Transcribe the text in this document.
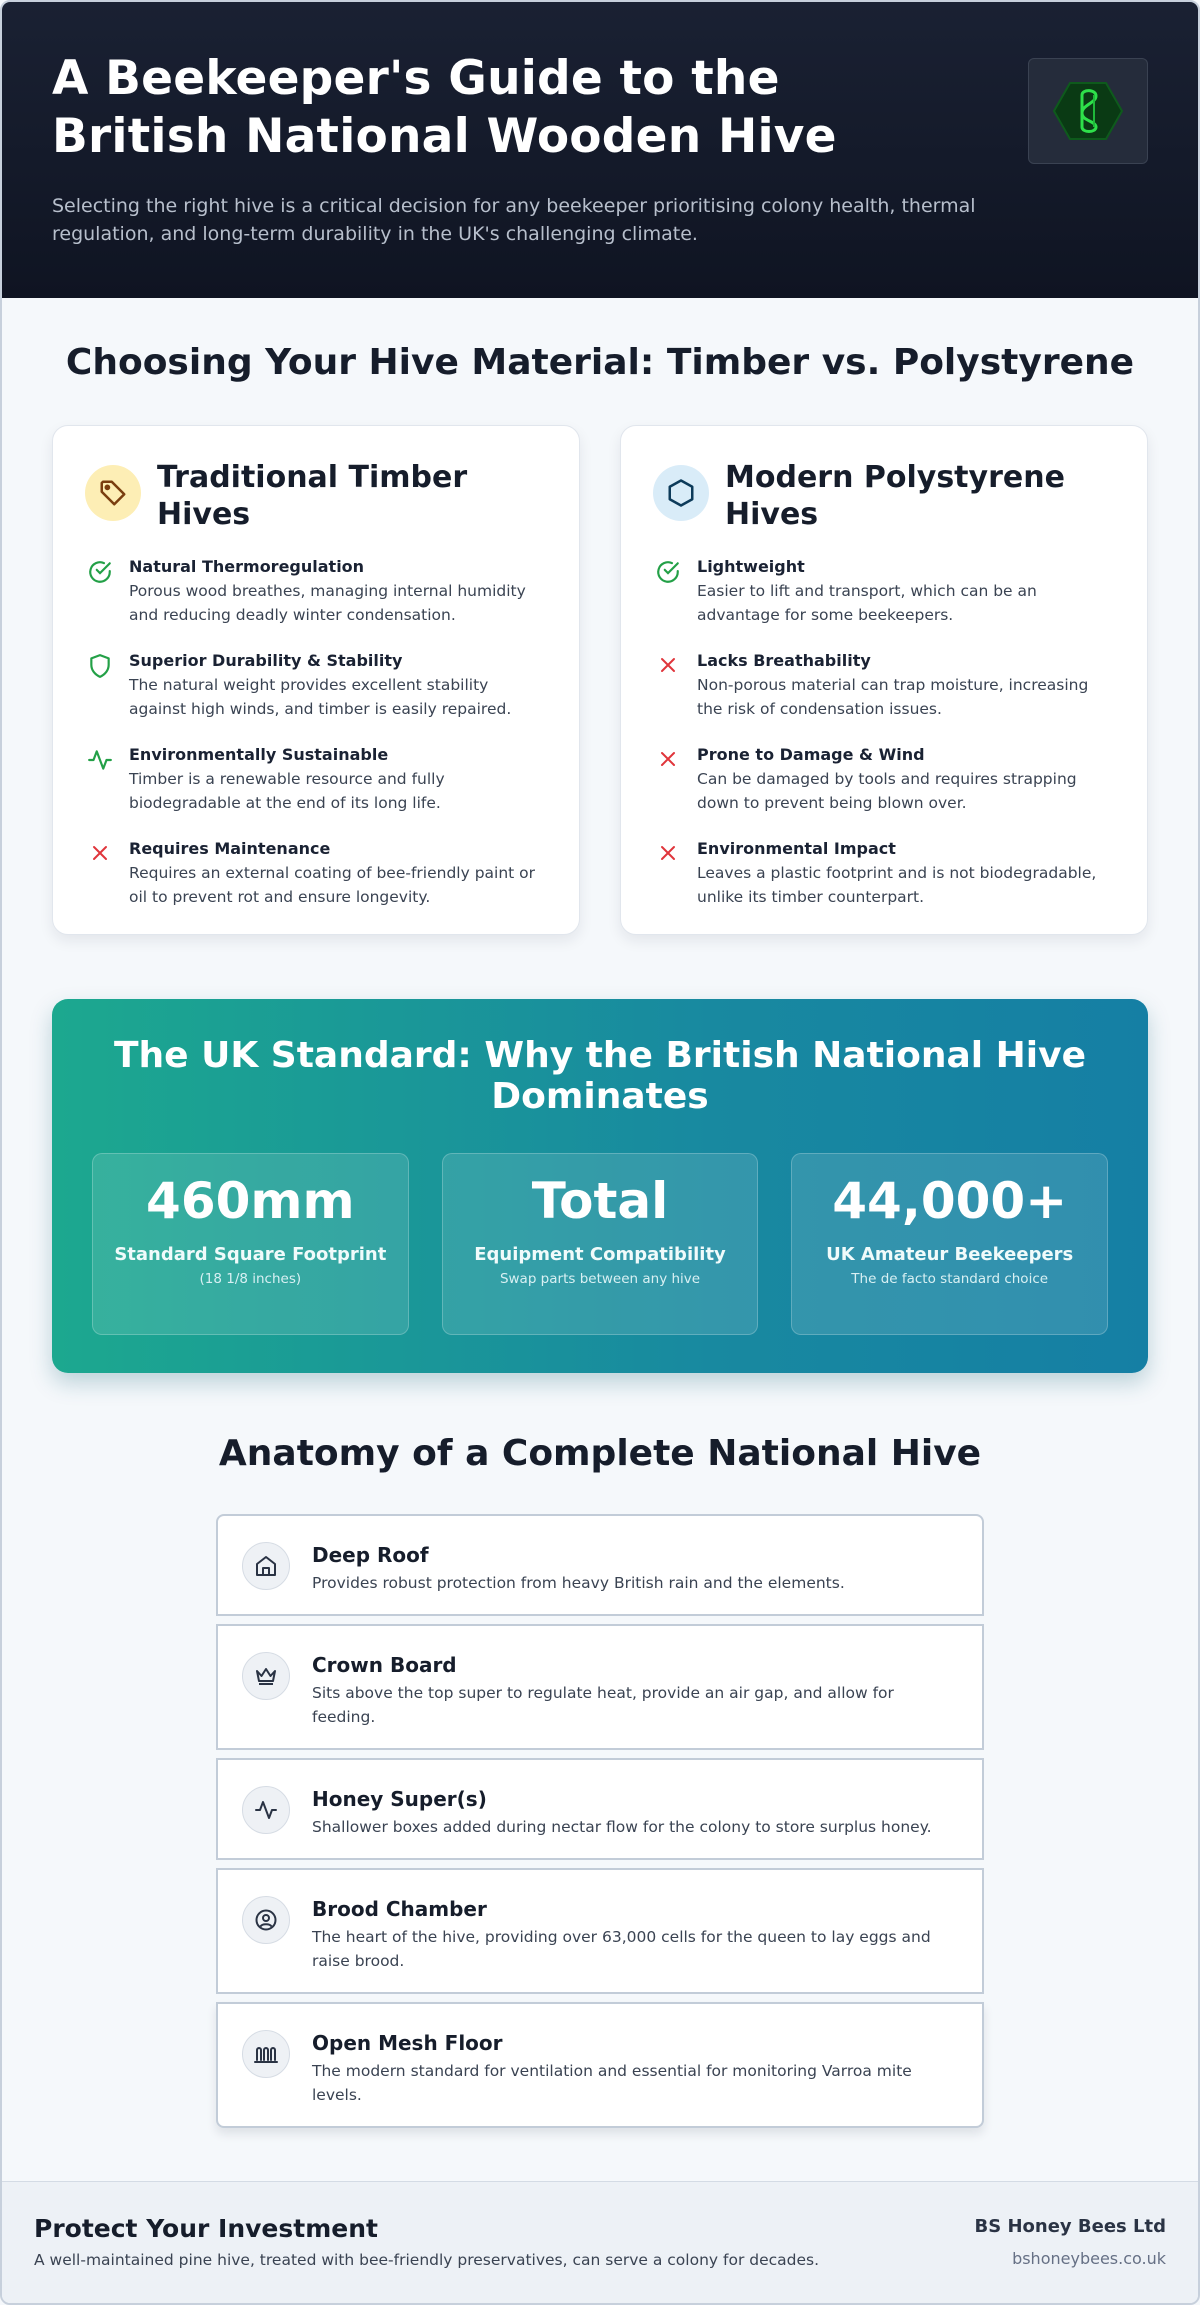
A Beekeeper's Guide to the British National Wooden Hive

Selecting the right hive is a critical decision for any beekeeper prioritising colony health, thermal regulation, and long-term durability in the UK's challenging climate.

Choosing Your Hive Material: Timber vs. Polystyrene
Traditional Timber Hives
Natural Thermoregulation

Porous wood breathes, managing internal humidity and reducing deadly winter condensation.

Superior Durability & Stability

The natural weight provides excellent stability against high winds, and timber is easily repaired.

Environmentally Sustainable

Timber is a renewable resource and fully biodegradable at the end of its long life.

Requires Maintenance

Requires an external coating of bee-friendly paint or oil to prevent rot and ensure longevity.

Modern Polystyrene Hives
Lightweight

Easier to lift and transport, which can be an advantage for some beekeepers.

Lacks Breathability

Non-porous material can trap moisture, increasing the risk of condensation issues.

Prone to Damage & Wind

Can be damaged by tools and requires strapping down to prevent being blown over.

Environmental Impact

Leaves a plastic footprint and is not biodegradable, unlike its timber counterpart.

The UK Standard: Why the British National Hive Dominates
460mm
Standard Square Footprint
(18 1/8 inches)
Total
Equipment Compatibility
Swap parts between any hive
44,000+
UK Amateur Beekeepers
The de facto standard choice
Anatomy of a Complete National Hive
Deep Roof

Provides robust protection from heavy British rain and the elements.

Crown Board

Sits above the top super to regulate heat, provide an air gap, and allow for feeding.

Honey Super(s)

Shallower boxes added during nectar flow for the colony to store surplus honey.

Brood Chamber

The heart of the hive, providing over 63,000 cells for the queen to lay eggs and raise brood.

Open Mesh Floor

The modern standard for ventilation and essential for monitoring Varroa mite levels.

Protect Your Investment

A well-maintained pine hive, treated with bee-friendly preservatives, can serve a colony for decades.

BS Honey Bees Ltd
bshoneybees.co.uk
